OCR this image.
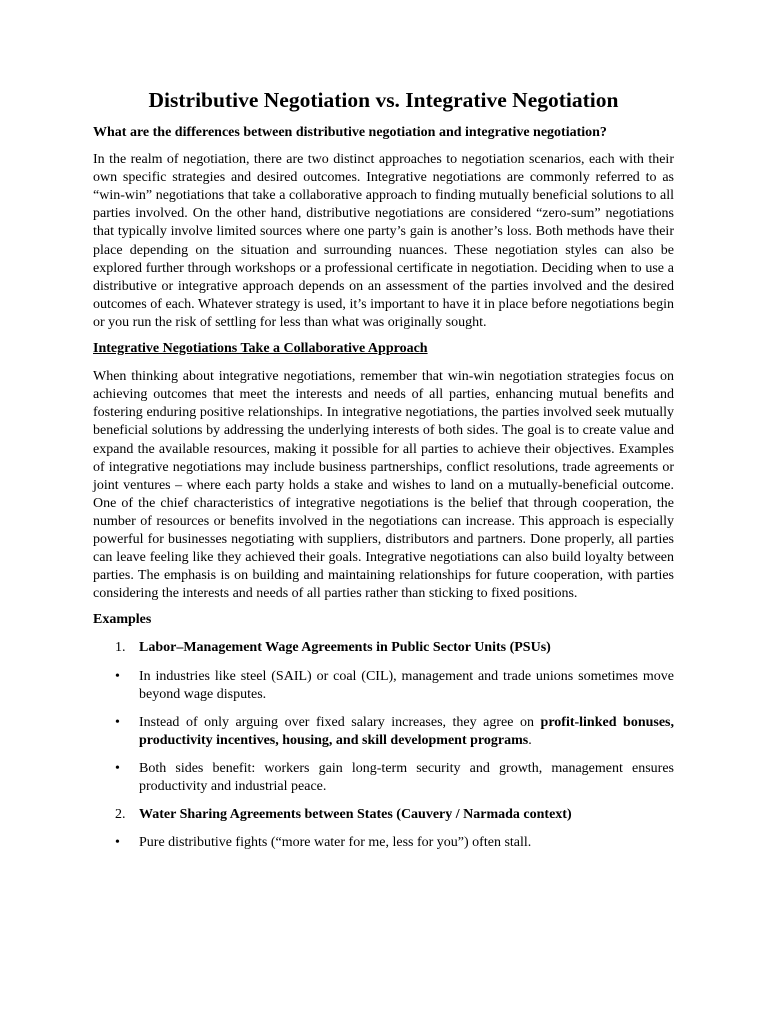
Distributive Negotiation vs. Integrative Negotiation

What are the differences between distributive negotiation and integrative negotiation?

In the realm of negotiation, there are two distinct approaches to negotiation scenarios, each with their own specific strategies and desired outcomes. Integrative negotiations are commonly referred to as “win-win” negotiations that take a collaborative approach to finding mutually beneficial solutions to all parties involved. On the other hand, distributive negotiations are considered “zero-sum” negotiations that typically involve limited sources where one party’s gain is another’s loss. Both methods have their place depending on the situation and surrounding nuances. These negotiation styles can also be explored further through workshops or a professional certificate in negotiation. Deciding when to use a distributive or integrative approach depends on an assessment of the parties involved and the desired outcomes of each. Whatever strategy is used, it’s important to have it in place before negotiations begin or you run the risk of settling for less than what was originally sought.

Integrative Negotiations Take a Collaborative Approach

When thinking about integrative negotiations, remember that win-win negotiation strategies focus on achieving outcomes that meet the interests and needs of all parties, enhancing mutual benefits and fostering enduring positive relationships. In integrative negotiations, the parties involved seek mutually beneficial solutions by addressing the underlying interests of both sides. The goal is to create value and expand the available resources, making it possible for all parties to achieve their objectives. Examples of integrative negotiations may include business partnerships, conflict resolutions, trade agreements or joint ventures – where each party holds a stake and wishes to land on a mutually-beneficial outcome. One of the chief characteristics of integrative negotiations is the belief that through cooperation, the number of resources or benefits involved in the negotiations can increase. This approach is especially powerful for businesses negotiating with suppliers, distributors and partners. Done properly, all parties can leave feeling like they achieved their goals. Integrative negotiations can also build loyalty between parties. The emphasis is on building and maintaining relationships for future cooperation, with parties considering the interests and needs of all parties rather than sticking to fixed positions.

Examples

1. Labor–Management Wage Agreements in Public Sector Units (PSUs)
• In industries like steel (SAIL) or coal (CIL), management and trade unions sometimes move beyond wage disputes.
• Instead of only arguing over fixed salary increases, they agree on profit-linked bonuses, productivity incentives, housing, and skill development programs.
• Both sides benefit: workers gain long-term security and growth, management ensures productivity and industrial peace.
2. Water Sharing Agreements between States (Cauvery / Narmada context)
• Pure distributive fights (“more water for me, less for you”) often stall.
